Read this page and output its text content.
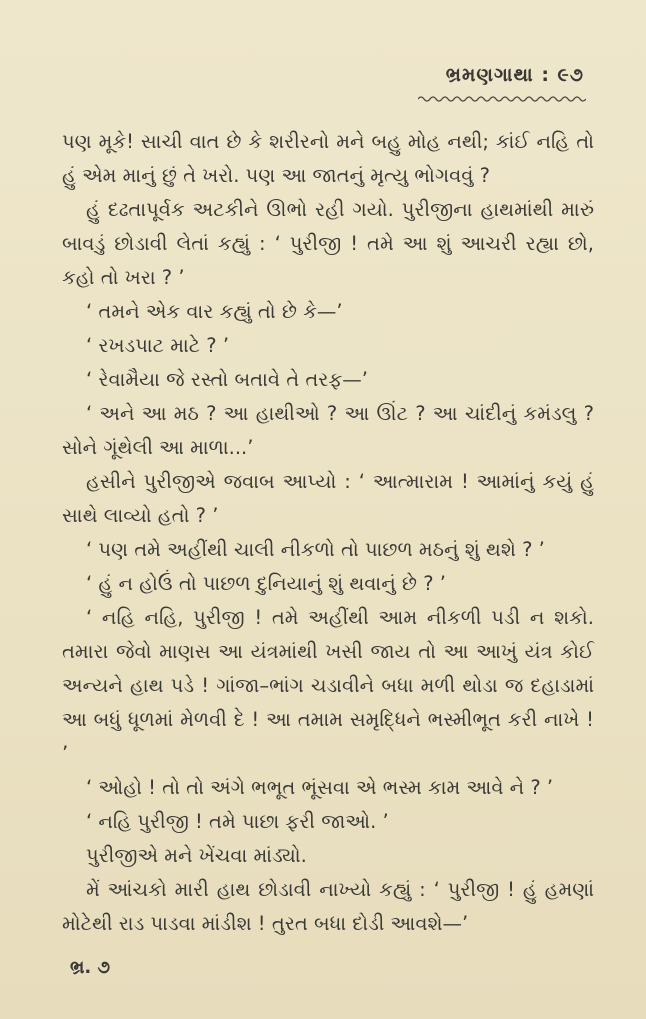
ભ્રમણગાથા : ૯૭

પણ મૂકે! સાચી વાત છે કે શરીરનો મને બહુ મોહ નથી; કાંઈ નહિ તો હું એમ માનું છું તે ખરો. પણ આ જાતનું મૃત્યુ ભોગવવું ?

હું દઢતાપૂર્વક અટકીને ઊભો રહી ગયો. પુરીજીના હાથમાંથી મારું બાવડું છોડાવી લેતાં કહ્યું : ‘ પુરીજી ! તમે આ શું આચરી રહ્યા છો, કહો તો ખરા ? ’

‘ તમને એક વાર કહ્યું તો છે કે—’

‘ રખડપાટ માટે ? ’

‘ રેવામૈયા જે રસ્તો બતાવે તે તરફ—’

‘ અને આ મઠ ? આ હાથીઓ ? આ ઊંટ ? આ ચાંદીનું કમંડલુ ? સોને ગૂંથેલી આ માળા...’

હસીને પુરીજીએ જવાબ આપ્યો : ‘ આત્મારામ ! આમાંનું કયું હું સાથે લાવ્યો હતો ? ’

‘ પણ તમે અહીંથી ચાલી નીકળો તો પાછળ મઠનું શું થશે ? ’

‘ હું ન હોઉં તો પાછળ દુનિયાનું શું થવાનું છે ? ’

‘ નહિ નહિ, પુરીજી ! તમે અહીંથી આમ નીકળી પડી ન શકો. તમારા જેવો માણસ આ યંત્રમાંથી ખસી જાય તો આ આખું યંત્ર કોઈ અન્યને હાથ પડે ! ગાંજા–ભાંગ ચડાવીને બધા મળી થોડા જ દહાડામાં આ બધું ધૂળમાં મેળવી દે ! આ તમામ સમૃદ્ધિને ભસ્મીભૂત કરી નાખે ! ’

‘ ઓહો ! તો તો અંગે ભભૂત ભૂંસવા એ ભસ્મ કામ આવે ને ? ’

‘ નહિ પુરીજી ! તમે પાછા ફરી જાઓ. ’

પુરીજીએ મને ખેંચવા માંડ્યો.

મેં આંચકો મારી હાથ છોડાવી નાખ્યો કહ્યું : ‘ પુરીજી ! હું હમણાં મોટેથી રાડ પાડવા માંડીશ ! તુરત બધા દોડી આવશે—’

ભ્ર. ૭
